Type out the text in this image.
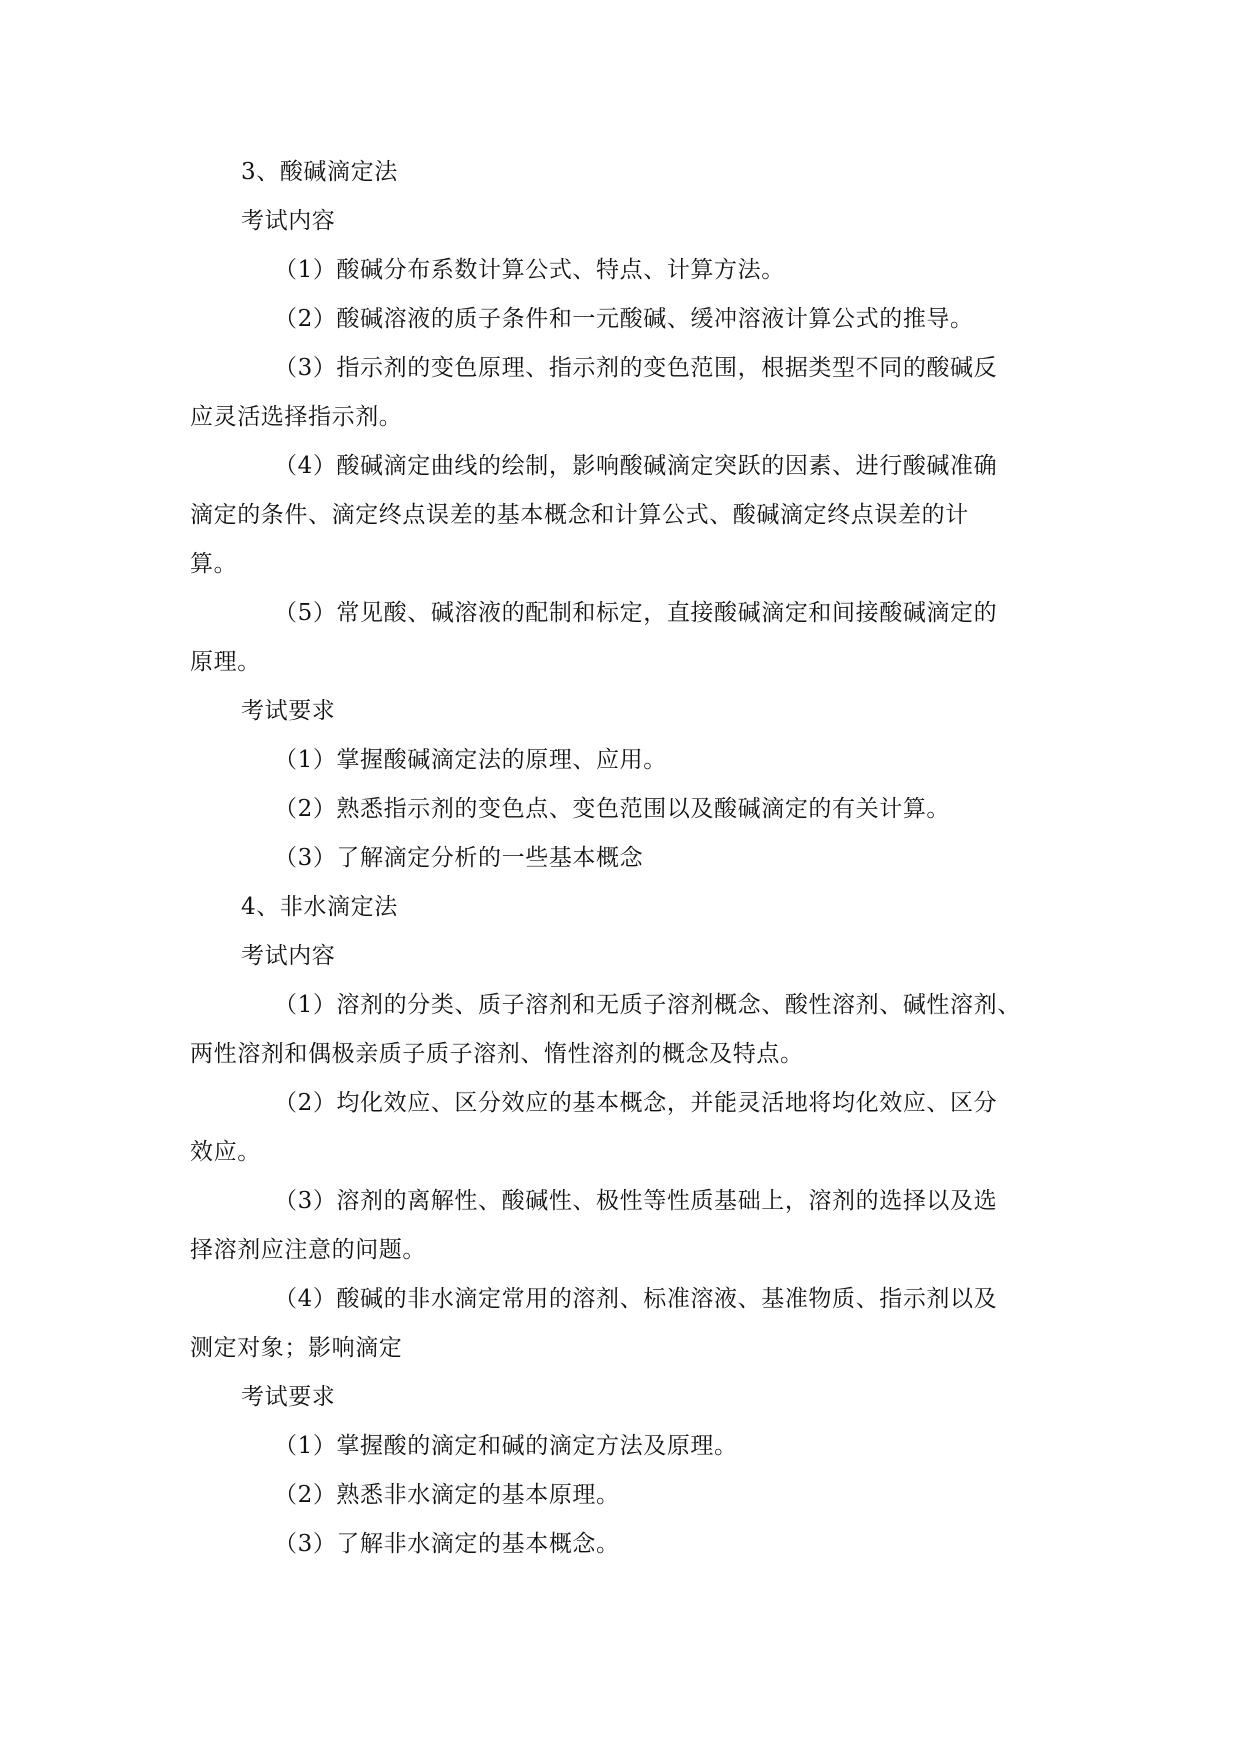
3、酸碱滴定法
考试内容
（1）酸碱分布系数计算公式、特点、计算方法。
（2）酸碱溶液的质子条件和一元酸碱、缓冲溶液计算公式的推导。
（3）指示剂的变色原理、指示剂的变色范围，根据类型不同的酸碱反
应灵活选择指示剂。
（4）酸碱滴定曲线的绘制，影响酸碱滴定突跃的因素、进行酸碱准确
滴定的条件、滴定终点误差的基本概念和计算公式、酸碱滴定终点误差的计
算。
（5）常见酸、碱溶液的配制和标定，直接酸碱滴定和间接酸碱滴定的
原理。
考试要求
（1）掌握酸碱滴定法的原理、应用。
（2）熟悉指示剂的变色点、变色范围以及酸碱滴定的有关计算。
（3）了解滴定分析的一些基本概念
4、非水滴定法
考试内容
（1）溶剂的分类、质子溶剂和无质子溶剂概念、酸性溶剂、碱性溶剂、
两性溶剂和偶极亲质子质子溶剂、惰性溶剂的概念及特点。
（2）均化效应、区分效应的基本概念，并能灵活地将均化效应、区分
效应。
（3）溶剂的离解性、酸碱性、极性等性质基础上，溶剂的选择以及选
择溶剂应注意的问题。
（4）酸碱的非水滴定常用的溶剂、标准溶液、基准物质、指示剂以及
测定对象；影响滴定
考试要求
（1）掌握酸的滴定和碱的滴定方法及原理。
（2）熟悉非水滴定的基本原理。
（3）了解非水滴定的基本概念。
